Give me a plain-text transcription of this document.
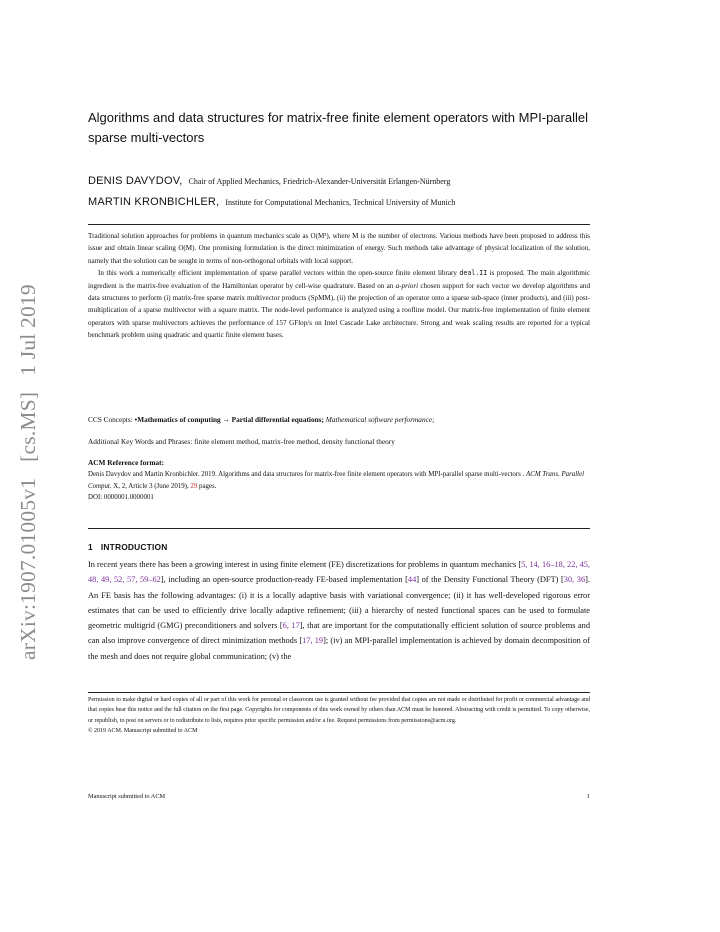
arXiv:1907.01005v1[cs.MS]1 Jul 2019
Algorithms and data structures for matrix-free finite element operators with MPI-parallel sparse multi-vectors
DENIS DAVYDOV, Chair of Applied Mechanics, Friedrich-Alexander-Universität Erlangen-Nürnberg
MARTIN KRONBICHLER, Institute for Computational Mechanics, Technical University of Munich

Traditional solution approaches for problems in quantum mechanics scale as O(M³), where M is the number of electrons. Various methods have been proposed to address this issue and obtain linear scaling O(M). One promising formulation is the direct minimization of energy. Such methods take advantage of physical localization of the solution, namely that the solution can be sought in terms of non-orthogonal orbitals with local support.

In this work a numerically efficient implementation of sparse parallel vectors within the open-source finite element library deal.II is proposed. The main algorithmic ingredient is the matrix-free evaluation of the Hamiltonian operator by cell-wise quadrature. Based on an a-priori chosen support for each vector we develop algorithms and data structures to perform (i) matrix-free sparse matrix multivector products (SpMM), (ii) the projection of an operator onto a sparse sub-space (inner products), and (iii) post-multiplication of a sparse multivector with a square matrix. The node-level performance is analyzed using a roofline model. Our matrix-free implementation of finite element operators with sparse multivectors achieves the performance of 157 GFlop/s on Intel Cascade Lake architecture. Strong and weak scaling results are reported for a typical benchmark problem using quadratic and quartic finite element bases.

CCS Concepts: •Mathematics of computing → Partial differential equations; Mathematical software performance;
Additional Key Words and Phrases: finite element method, matrix-free method, density functional theory
ACM Reference format:
Denis Davydov and Martin Kronbichler. 2019. Algorithms and data structures for matrix-free finite element operators with MPI-parallel sparse multi-vectors . ACM Trans. Parallel Comput. X, 2, Article 3 (June 2019), 29 pages.
DOI: 0000001.0000001
1 INTRODUCTION

In recent years there has been a growing interest in using finite element (FE) discretizations for problems in quantum mechanics [5, 14, 16–18, 22, 45, 48, 49, 52, 57, 59–62], including an open-source production-ready FE-based implementation [44] of the Density Functional Theory (DFT) [30, 36]. An FE basis has the following advantages: (i) it is a locally adaptive basis with variational convergence; (ii) it has well-developed rigorous error estimates that can be used to efficiently drive locally adaptive refinement; (iii) a hierarchy of nested functional spaces can be used to formulate geometric multigrid (GMG) preconditioners and solvers [6, 17], that are important for the computationally efficient solution of source problems and can also improve convergence of direct minimization methods [17, 19]; (iv) an MPI-parallel implementation is achieved by domain decomposition of the mesh and does not require global communication; (v) the

Permission to make digital or hard copies of all or part of this work for personal or classroom use is granted without fee provided that copies are not made or distributed for profit or commercial advantage and that copies bear this notice and the full citation on the first page. Copyrights for components of this work owned by others than ACM must be honored. Abstracting with credit is permitted. To copy otherwise, or republish, to post on servers or to redistribute to lists, requires prior specific permission and/or a fee. Request permissions from permissions@acm.org.

© 2019 ACM. Manuscript submitted to ACM

Manuscript submitted to ACM	1
